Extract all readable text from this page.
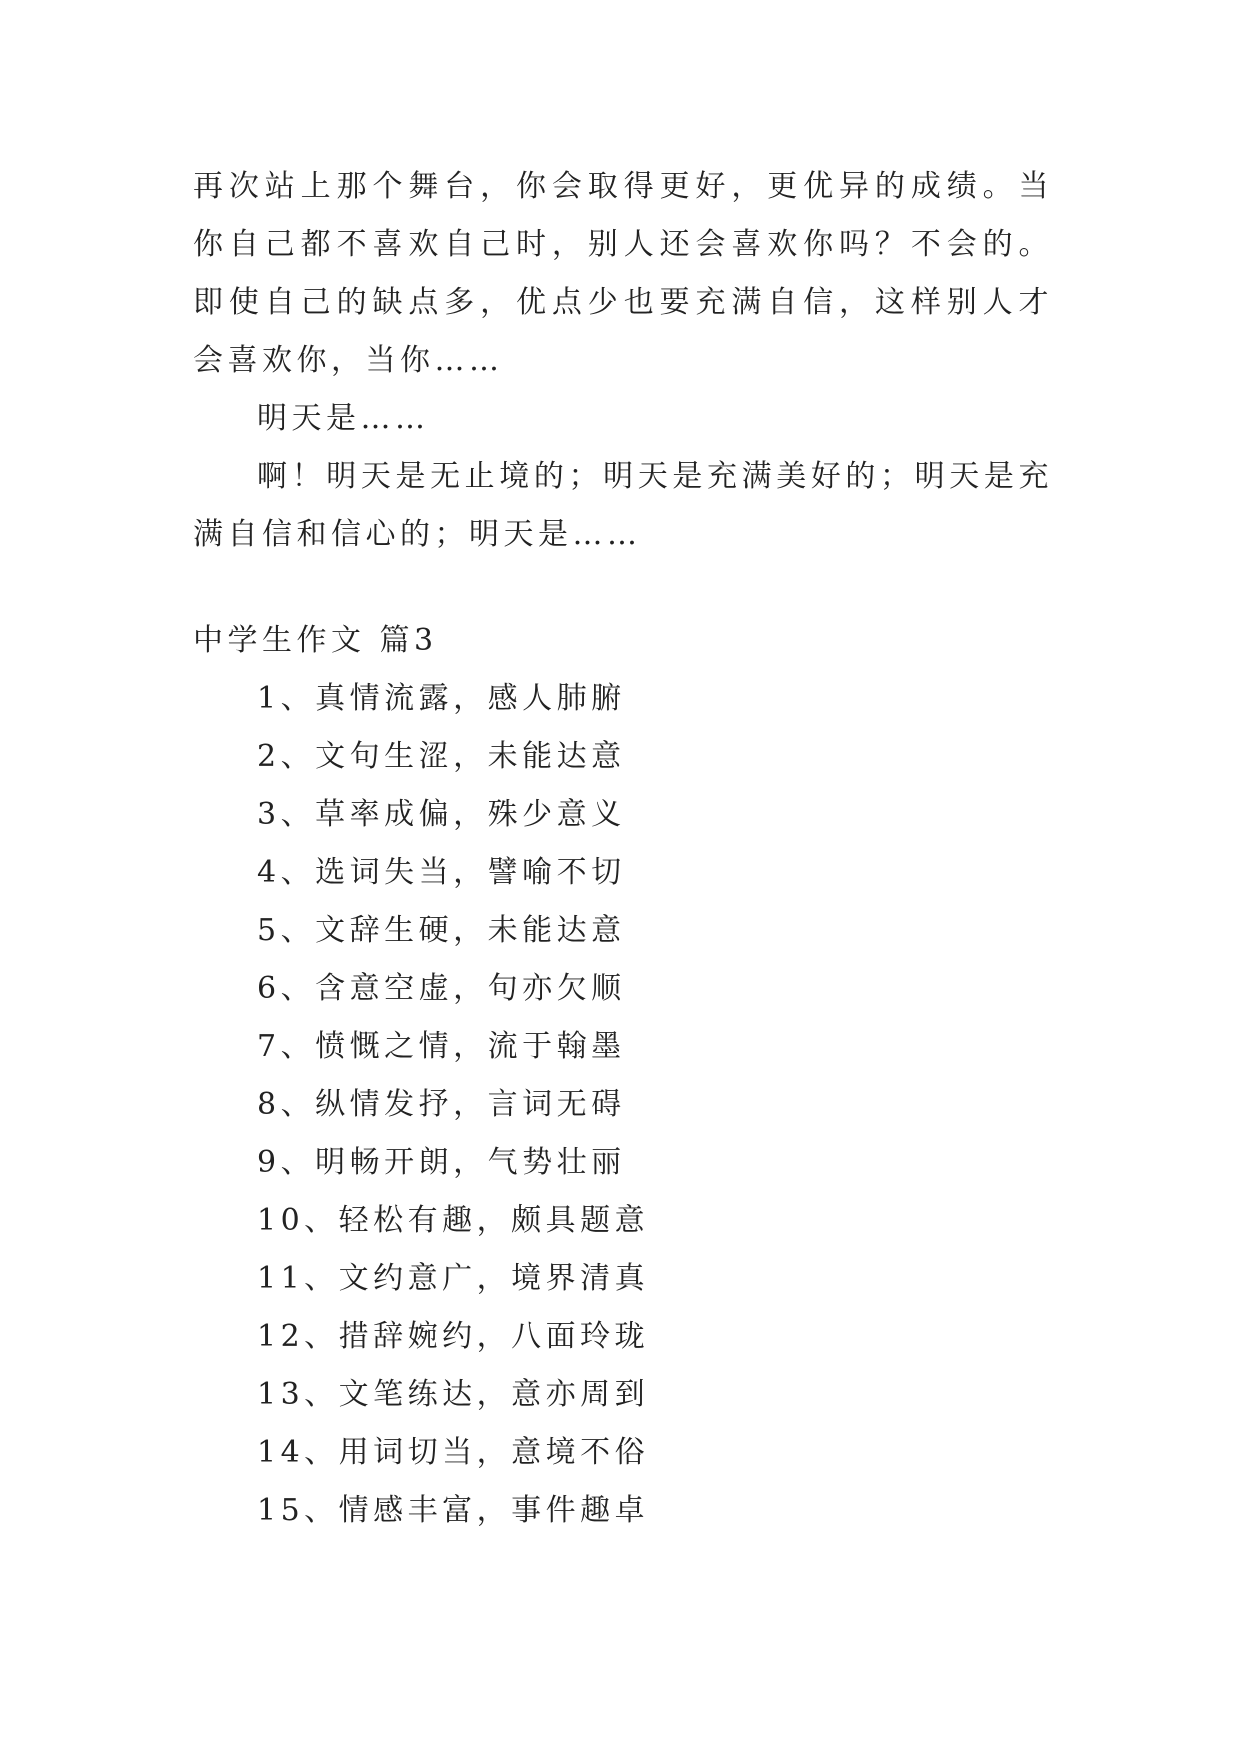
再次站上那个舞台，你会取得更好，更优异的成绩。当你自己都不喜欢自己时，别人还会喜欢你吗？不会的。即使自己的缺点多，优点少也要充满自信，这样别人才会喜欢你，当你……

明天是……

啊！明天是无止境的；明天是充满美好的；明天是充满自信和信心的；明天是……

中学生作文 篇3
1、真情流露，感人肺腑
2、文句生涩，未能达意
3、草率成偏，殊少意义
4、选词失当，譬喻不切
5、文辞生硬，未能达意
6、含意空虚，句亦欠顺
7、愤慨之情，流于翰墨
8、纵情发抒，言词无碍
9、明畅开朗，气势壮丽
10、轻松有趣，颇具题意
11、文约意广，境界清真
12、措辞婉约，八面玲珑
13、文笔练达，意亦周到
14、用词切当，意境不俗
15、情感丰富，事件趣卓
